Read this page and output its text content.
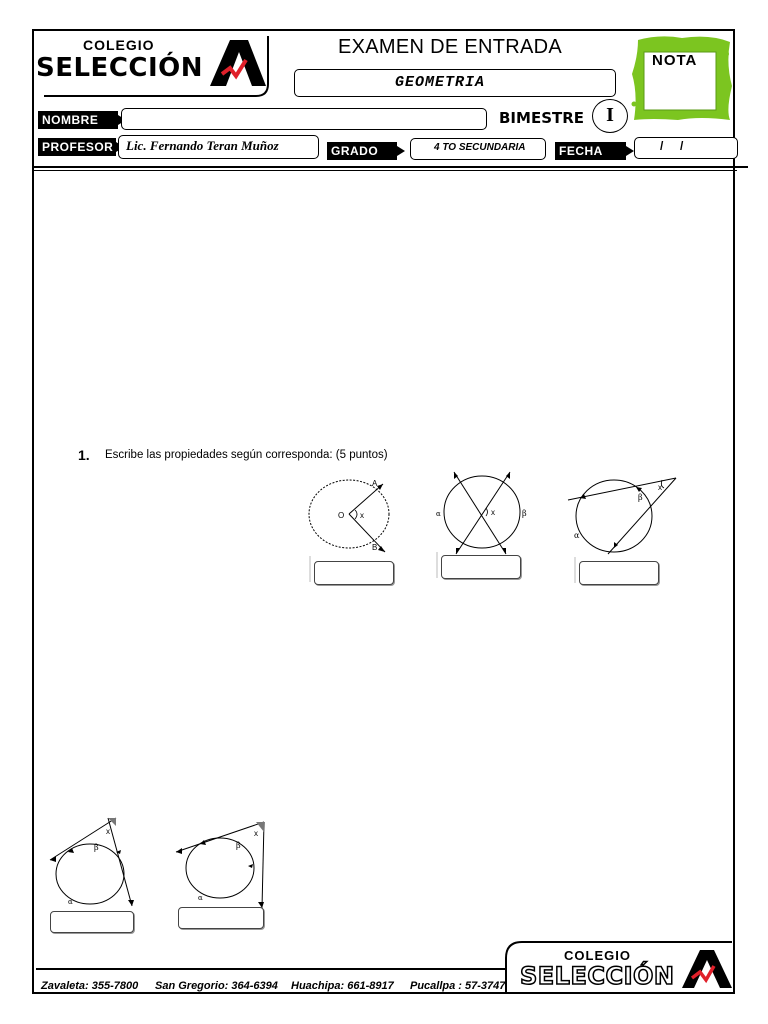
COLEGIO
SELECCIÓN
EXAMEN DE ENTRADA
GEOMETRIA
NOTA
NOMBRE	BIMESTRE	I
PROFESOR Lic. Fernando Teran Muñoz	GRADO	4 TO SECUNDARIA	FECHA	/     /
1. Escribe las propiedades según corresponda: (5 puntos)
O x
A
B
x
α	β
x
β
α
x
β
α
x
β
α
Zavaleta: 355-7800 San Gregorio: 364-6394 Huachipa: 661-8917 Pucallpa : 57-3747
COLEGIO
SELECCIÓN
